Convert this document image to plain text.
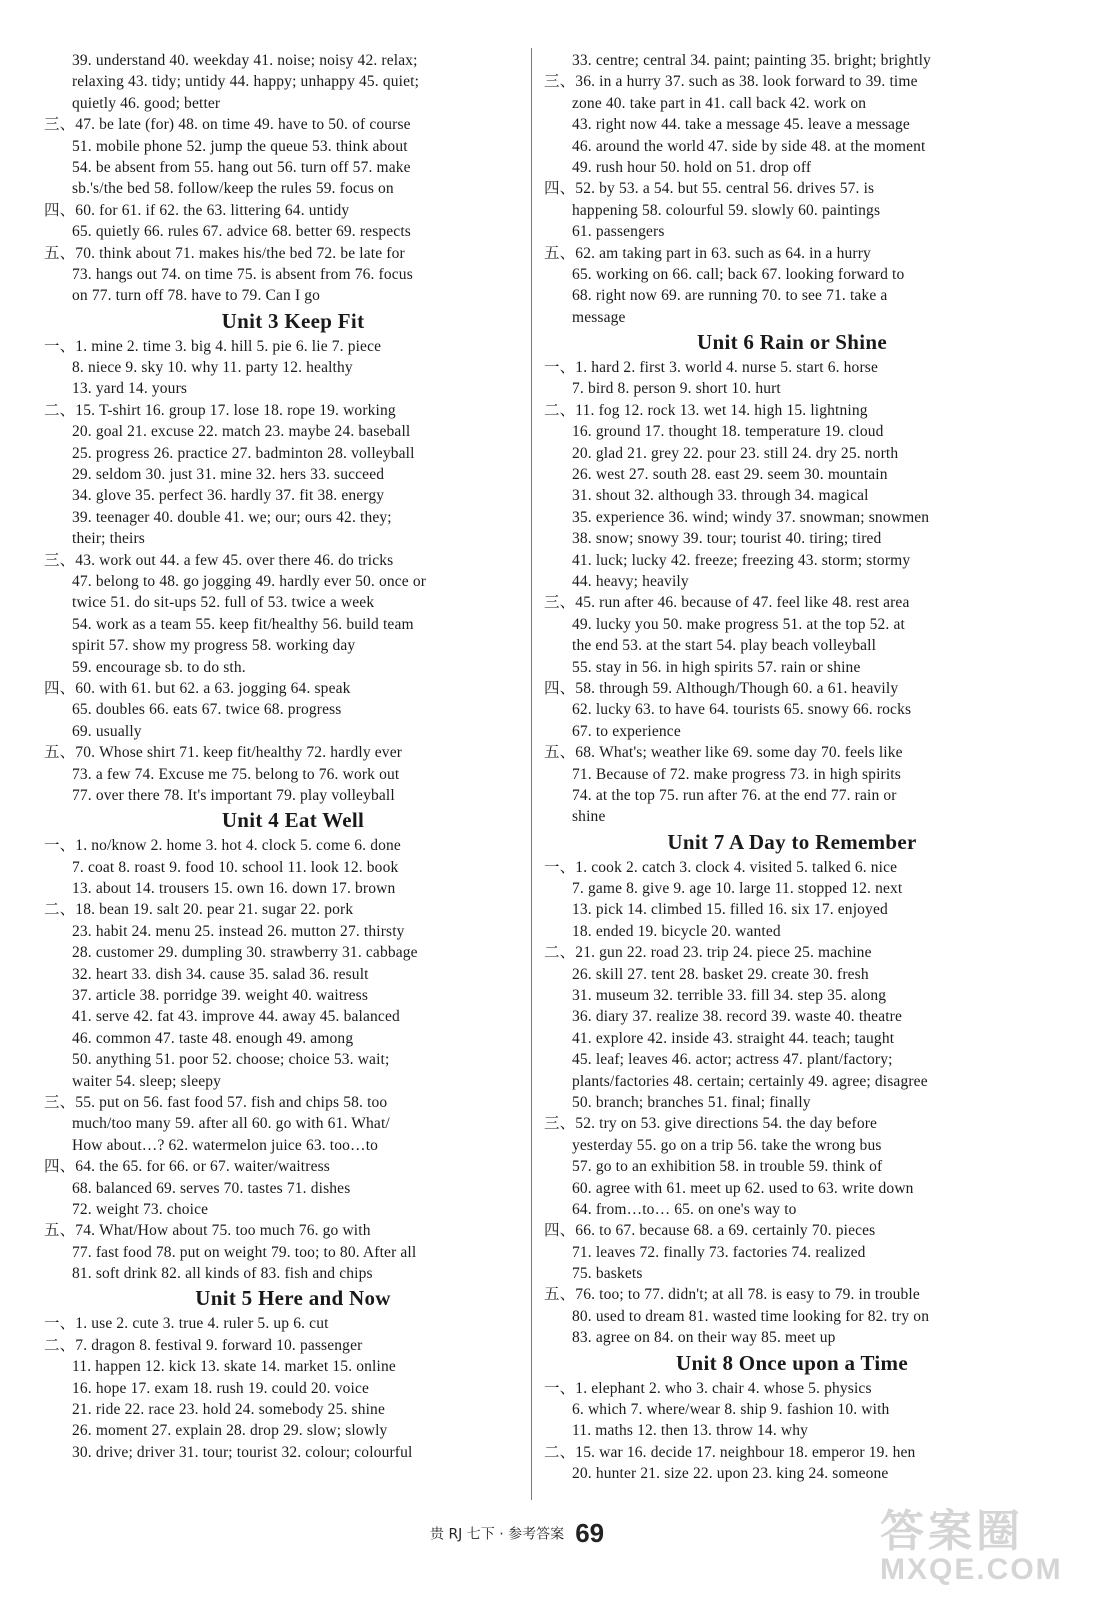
39. understand 40. weekday 41. noise; noisy 42. relax;
relaxing 43. tidy; untidy 44. happy; unhappy 45. quiet;
quietly 46. good; better
三、47. be late (for) 48. on time 49. have to 50. of course
51. mobile phone 52. jump the queue 53. think about
54. be absent from 55. hang out 56. turn off 57. make
sb.'s/the bed 58. follow/keep the rules 59. focus on
四、60. for 61. if 62. the 63. littering 64. untidy
65. quietly 66. rules 67. advice 68. better 69. respects
五、70. think about 71. makes his/the bed 72. be late for
73. hangs out 74. on time 75. is absent from 76. focus
on 77. turn off 78. have to 79. Can I go
Unit 3 Keep Fit
一、1. mine 2. time 3. big 4. hill 5. pie 6. lie 7. piece
8. niece 9. sky 10. why 11. party 12. healthy
13. yard 14. yours
二、15. T-shirt 16. group 17. lose 18. rope 19. working
20. goal 21. excuse 22. match 23. maybe 24. baseball
25. progress 26. practice 27. badminton 28. volleyball
29. seldom 30. just 31. mine 32. hers 33. succeed
34. glove 35. perfect 36. hardly 37. fit 38. energy
39. teenager 40. double 41. we; our; ours 42. they;
their; theirs
三、43. work out 44. a few 45. over there 46. do tricks
47. belong to 48. go jogging 49. hardly ever 50. once or
twice 51. do sit-ups 52. full of 53. twice a week
54. work as a team 55. keep fit/healthy 56. build team
spirit 57. show my progress 58. working day
59. encourage sb. to do sth.
四、60. with 61. but 62. a 63. jogging 64. speak
65. doubles 66. eats 67. twice 68. progress
69. usually
五、70. Whose shirt 71. keep fit/healthy 72. hardly ever
73. a few 74. Excuse me 75. belong to 76. work out
77. over there 78. It's important 79. play volleyball
Unit 4 Eat Well
一、1. no/know 2. home 3. hot 4. clock 5. come 6. done
7. coat 8. roast 9. food 10. school 11. look 12. book
13. about 14. trousers 15. own 16. down 17. brown
二、18. bean 19. salt 20. pear 21. sugar 22. pork
23. habit 24. menu 25. instead 26. mutton 27. thirsty
28. customer 29. dumpling 30. strawberry 31. cabbage
32. heart 33. dish 34. cause 35. salad 36. result
37. article 38. porridge 39. weight 40. waitress
41. serve 42. fat 43. improve 44. away 45. balanced
46. common 47. taste 48. enough 49. among
50. anything 51. poor 52. choose; choice 53. wait;
waiter 54. sleep; sleepy
三、55. put on 56. fast food 57. fish and chips 58. too
much/too many 59. after all 60. go with 61. What/
How about…? 62. watermelon juice 63. too…to
四、64. the 65. for 66. or 67. waiter/waitress
68. balanced 69. serves 70. tastes 71. dishes
72. weight 73. choice
五、74. What/How about 75. too much 76. go with
77. fast food 78. put on weight 79. too; to 80. After all
81. soft drink 82. all kinds of 83. fish and chips
Unit 5 Here and Now
一、1. use 2. cute 3. true 4. ruler 5. up 6. cut
二、7. dragon 8. festival 9. forward 10. passenger
11. happen 12. kick 13. skate 14. market 15. online
16. hope 17. exam 18. rush 19. could 20. voice
21. ride 22. race 23. hold 24. somebody 25. shine
26. moment 27. explain 28. drop 29. slow; slowly
30. drive; driver 31. tour; tourist 32. colour; colourful
33. centre; central 34. paint; painting 35. bright; brightly
三、36. in a hurry 37. such as 38. look forward to 39. time
zone 40. take part in 41. call back 42. work on
43. right now 44. take a message 45. leave a message
46. around the world 47. side by side 48. at the moment
49. rush hour 50. hold on 51. drop off
四、52. by 53. a 54. but 55. central 56. drives 57. is
happening 58. colourful 59. slowly 60. paintings
61. passengers
五、62. am taking part in 63. such as 64. in a hurry
65. working on 66. call; back 67. looking forward to
68. right now 69. are running 70. to see 71. take a
message
Unit 6 Rain or Shine
一、1. hard 2. first 3. world 4. nurse 5. start 6. horse
7. bird 8. person 9. short 10. hurt
二、11. fog 12. rock 13. wet 14. high 15. lightning
16. ground 17. thought 18. temperature 19. cloud
20. glad 21. grey 22. pour 23. still 24. dry 25. north
26. west 27. south 28. east 29. seem 30. mountain
31. shout 32. although 33. through 34. magical
35. experience 36. wind; windy 37. snowman; snowmen
38. snow; snowy 39. tour; tourist 40. tiring; tired
41. luck; lucky 42. freeze; freezing 43. storm; stormy
44. heavy; heavily
三、45. run after 46. because of 47. feel like 48. rest area
49. lucky you 50. make progress 51. at the top 52. at
the end 53. at the start 54. play beach volleyball
55. stay in 56. in high spirits 57. rain or shine
四、58. through 59. Although/Though 60. a 61. heavily
62. lucky 63. to have 64. tourists 65. snowy 66. rocks
67. to experience
五、68. What's; weather like 69. some day 70. feels like
71. Because of 72. make progress 73. in high spirits
74. at the top 75. run after 76. at the end 77. rain or
shine
Unit 7 A Day to Remember
一、1. cook 2. catch 3. clock 4. visited 5. talked 6. nice
7. game 8. give 9. age 10. large 11. stopped 12. next
13. pick 14. climbed 15. filled 16. six 17. enjoyed
18. ended 19. bicycle 20. wanted
二、21. gun 22. road 23. trip 24. piece 25. machine
26. skill 27. tent 28. basket 29. create 30. fresh
31. museum 32. terrible 33. fill 34. step 35. along
36. diary 37. realize 38. record 39. waste 40. theatre
41. explore 42. inside 43. straight 44. teach; taught
45. leaf; leaves 46. actor; actress 47. plant/factory;
plants/factories 48. certain; certainly 49. agree; disagree
50. branch; branches 51. final; finally
三、52. try on 53. give directions 54. the day before
yesterday 55. go on a trip 56. take the wrong bus
57. go to an exhibition 58. in trouble 59. think of
60. agree with 61. meet up 62. used to 63. write down
64. from…to… 65. on one's way to
四、66. to 67. because 68. a 69. certainly 70. pieces
71. leaves 72. finally 73. factories 74. realized
75. baskets
五、76. too; to 77. didn't; at all 78. is easy to 79. in trouble
80. used to dream 81. wasted time looking for 82. try on
83. agree on 84. on their way 85. meet up
Unit 8 Once upon a Time
一、1. elephant 2. who 3. chair 4. whose 5. physics
6. which 7. where/wear 8. ship 9. fashion 10. with
11. maths 12. then 13. throw 14. why
二、15. war 16. decide 17. neighbour 18. emperor 19. hen
20. hunter 21. size 22. upon 23. king 24. someone
贵 RJ 七下 · 参考答案 69	答案圈
MXQE.COM
